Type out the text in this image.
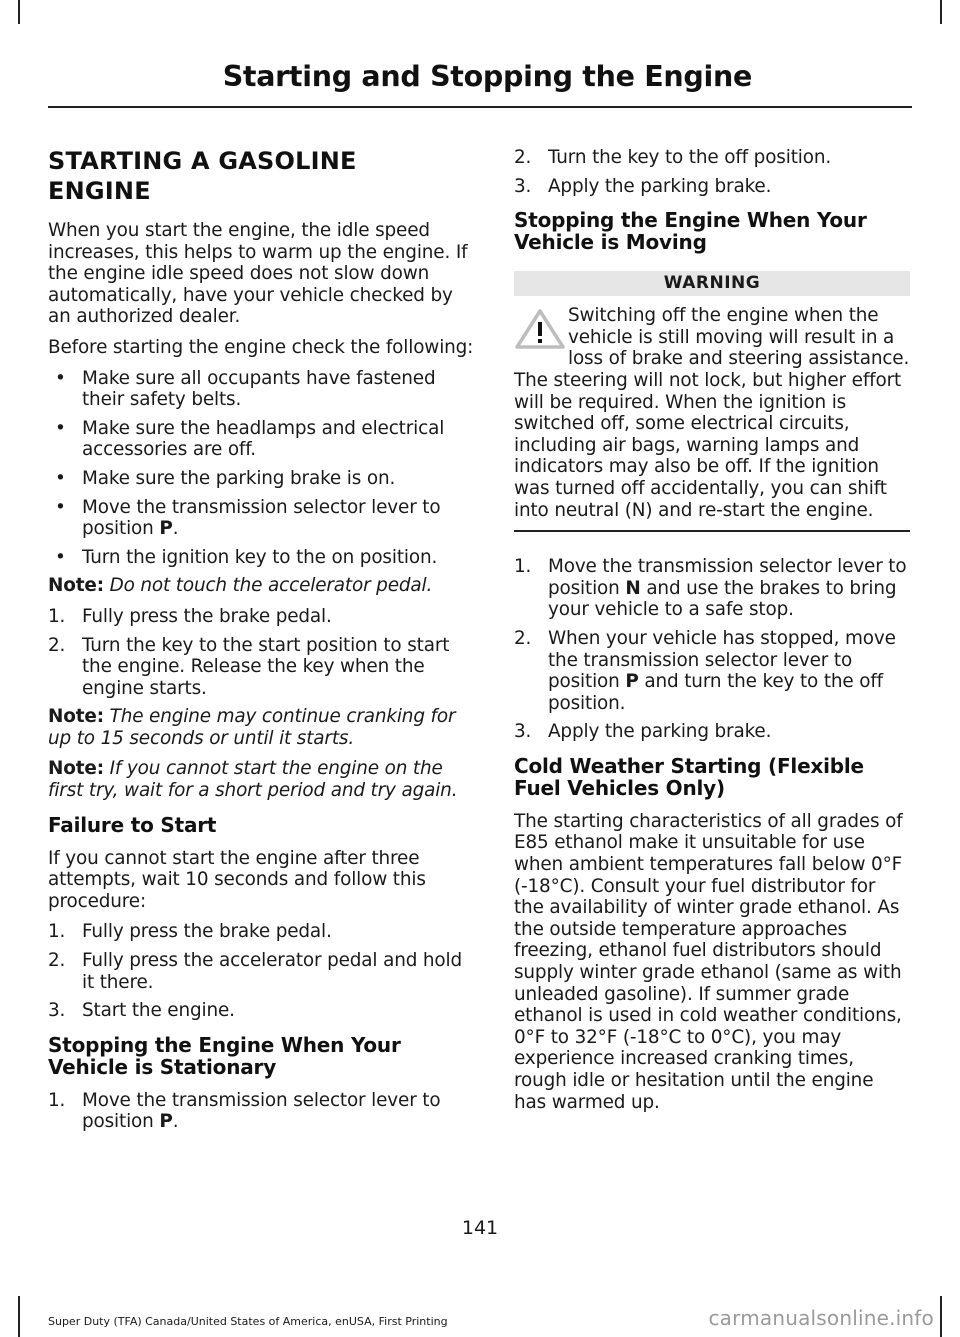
Starting and Stopping the Engine
STARTING A GASOLINE
ENGINE

When you start the engine, the idle speed increases, this helps to warm up the engine. If the engine idle speed does not slow down automatically, have your vehicle checked by an authorized dealer.

Before starting the engine check the following:

• Make sure all occupants have fastened their safety belts.
• Make sure the headlamps and electrical accessories are off.
• Make sure the parking brake is on.
• Move the transmission selector lever to position P.
• Turn the ignition key to the on position.

Note: Do not touch the accelerator pedal.

1. Fully press the brake pedal.
2. Turn the key to the start position to start the engine. Release the key when the engine starts.

Note: The engine may continue cranking for up to 15 seconds or until it starts.

Note: If you cannot start the engine on the first try, wait for a short period and try again.

Failure to Start

If you cannot start the engine after three attempts, wait 10 seconds and follow this procedure:

1. Fully press the brake pedal.
2. Fully press the accelerator pedal and hold it there.
3. Start the engine.
Stopping the Engine When Your Vehicle is Stationary
1. Move the transmission selector lever to position P.
2. Turn the key to the off position.
3. Apply the parking brake.
Stopping the Engine When Your Vehicle is Moving
WARNING
Switching off the engine when the vehicle is still moving will result in a loss of brake and steering assistance. The steering will not lock, but higher effort will be required. When the ignition is switched off, some electrical circuits, including air bags, warning lamps and indicators may also be off. If the ignition was turned off accidentally, you can shift into neutral (N) and re-start the engine.
1. Move the transmission selector lever to position N and use the brakes to bring your vehicle to a safe stop.
2. When your vehicle has stopped, move the transmission selector lever to position P and turn the key to the off position.
3. Apply the parking brake.
Cold Weather Starting (Flexible Fuel Vehicles Only)

The starting characteristics of all grades of E85 ethanol make it unsuitable for use when ambient temperatures fall below 0°F (-18°C). Consult your fuel distributor for the availability of winter grade ethanol. As the outside temperature approaches freezing, ethanol fuel distributors should supply winter grade ethanol (same as with unleaded gasoline). If summer grade ethanol is used in cold weather conditions, 0°F to 32°F (-18°C to 0°C), you may experience increased cranking times, rough idle or hesitation until the engine has warmed up.

141
Super Duty (TFA) Canada/United States of America, enUSA, First Printing	carmanualsonline.info
